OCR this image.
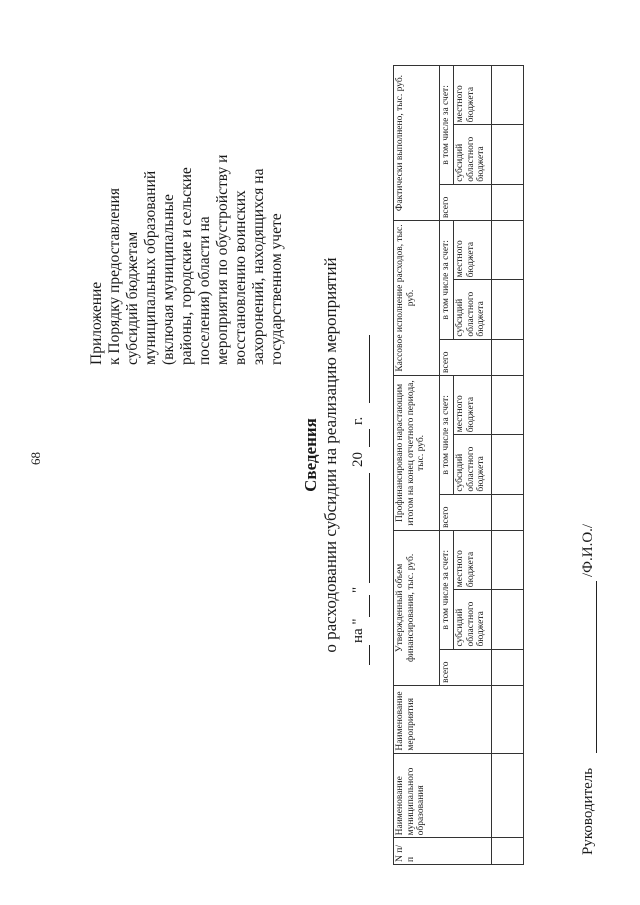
68
Приложение к Порядку предоставления субсидий бюджетам муниципальных образований (включая муниципальные районы, городские и сельские поселения) области на мероприятия по обустройству и восстановлению воинских захоронений, находящихся на государственном учете
Сведения о расходовании субсидии на реализацию мероприятий на "
"
20
г.
N п/п	Наименование муниципального образования	Наименование мероприятия	Утвержденный объем финансирования, тыс. руб.			Профинансировано нарастающим итогом на конец отчетного периода, тыс. руб.			Кассовое исполнение расходов, тыс. руб.			Фактически выполнено, тыс. руб.		
			всего	в том числе за счет:		всего	в том числе за счет:		всего	в том числе за счет:		всего	в том числе за счет:	
				субсидий областного бюджета	местного бюджета		субсидий областного бюджета	местного бюджета		субсидий областного бюджета	местного бюджета		субсидий областного бюджета	местного бюджета

Руководитель
/Ф.И.О./
